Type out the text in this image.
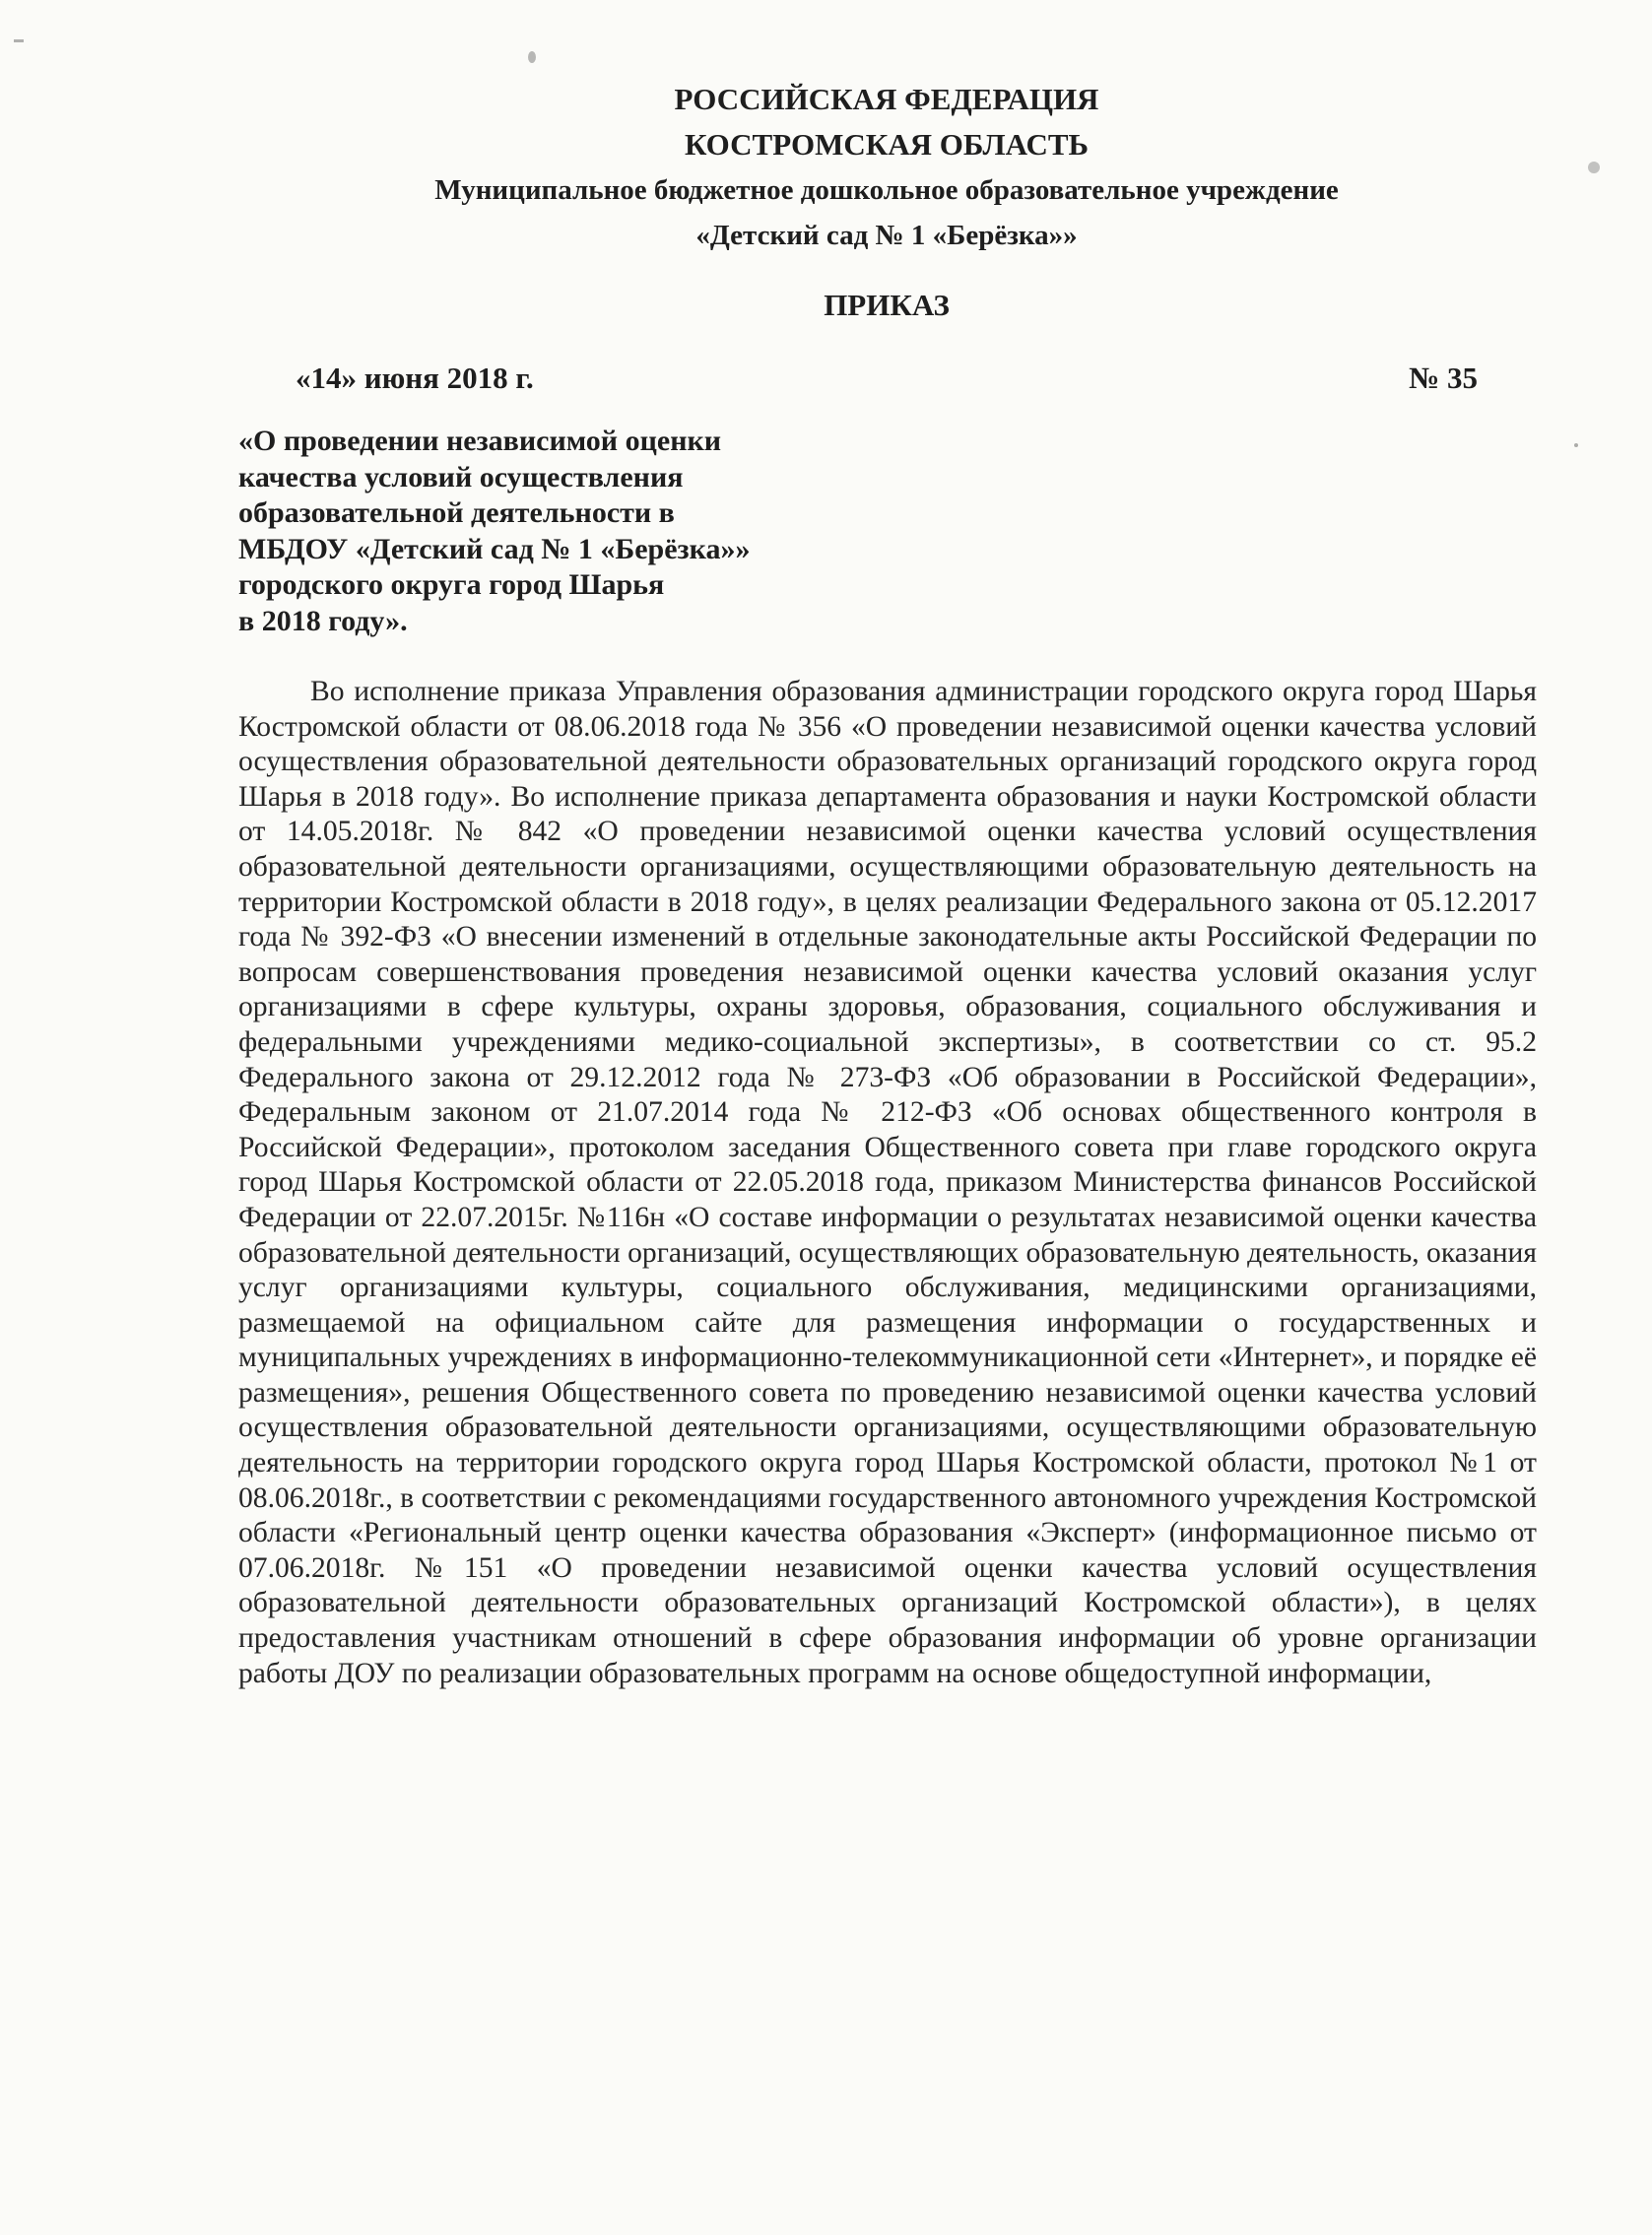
РОССИЙСКАЯ ФЕДЕРАЦИЯ
КОСТРОМСКАЯ ОБЛАСТЬ
Муниципальное бюджетное дошкольное образовательное учреждение
«Детский сад № 1 «Берёзка»»
ПРИКАЗ
«14» июня 2018 г.	№ 35
«О проведении независимой оценки
качества условий осуществления
образовательной деятельности в
МБДОУ «Детский сад № 1 «Берёзка»»
городского округа город Шарья
в 2018 году».
Во исполнение приказа Управления образования администрации городского округа город Шарья Костромской области от 08.06.2018 года № 356 «О проведении независимой оценки качества условий осуществления образовательной деятельности образовательных организаций городского округа город Шарья в 2018 году». Во исполнение приказа департамента образования и науки Костромской области от 14.05.2018г. № 842 «О проведении независимой оценки качества условий осуществления образовательной деятельности организациями, осуществляющими образовательную деятельность на территории Костромской области в 2018 году», в целях реализации Федерального закона от 05.12.2017 года № 392-ФЗ «О внесении изменений в отдельные законодательные акты Российской Федерации по вопросам совершенствования проведения независимой оценки качества условий оказания услуг организациями в сфере культуры, охраны здоровья, образования, социального обслуживания и федеральными учреждениями медико-социальной экспертизы», в соответствии со ст. 95.2 Федерального закона от 29.12.2012 года № 273-ФЗ «Об образовании в Российской Федерации», Федеральным законом от 21.07.2014 года № 212-ФЗ «Об основах общественного контроля в Российской Федерации», протоколом заседания Общественного совета при главе городского округа город Шарья Костромской области от 22.05.2018 года, приказом Министерства финансов Российской Федерации от 22.07.2015г. №116н «О составе информации о результатах независимой оценки качества образовательной деятельности организаций, осуществляющих образовательную деятельность, оказания услуг организациями культуры, социального обслуживания, медицинскими организациями, размещаемой на официальном сайте для размещения информации о государственных и муниципальных учреждениях в информационно-телекоммуникационной сети «Интернет», и порядке её размещения», решения Общественного совета по проведению независимой оценки качества условий осуществления образовательной деятельности организациями, осуществляющими образовательную деятельность на территории городского округа город Шарья Костромской области, протокол №1 от 08.06.2018г., в соответствии с рекомендациями государственного автономного учреждения Костромской области «Региональный центр оценки качества образования «Эксперт» (информационное письмо от 07.06.2018г. №151 «О проведении независимой оценки качества условий осуществления образовательной деятельности образовательных организаций Костромской области»), в целях предоставления участникам отношений в сфере образования информации об уровне организации работы ДОУ по реализации образовательных программ на основе общедоступной информации,
